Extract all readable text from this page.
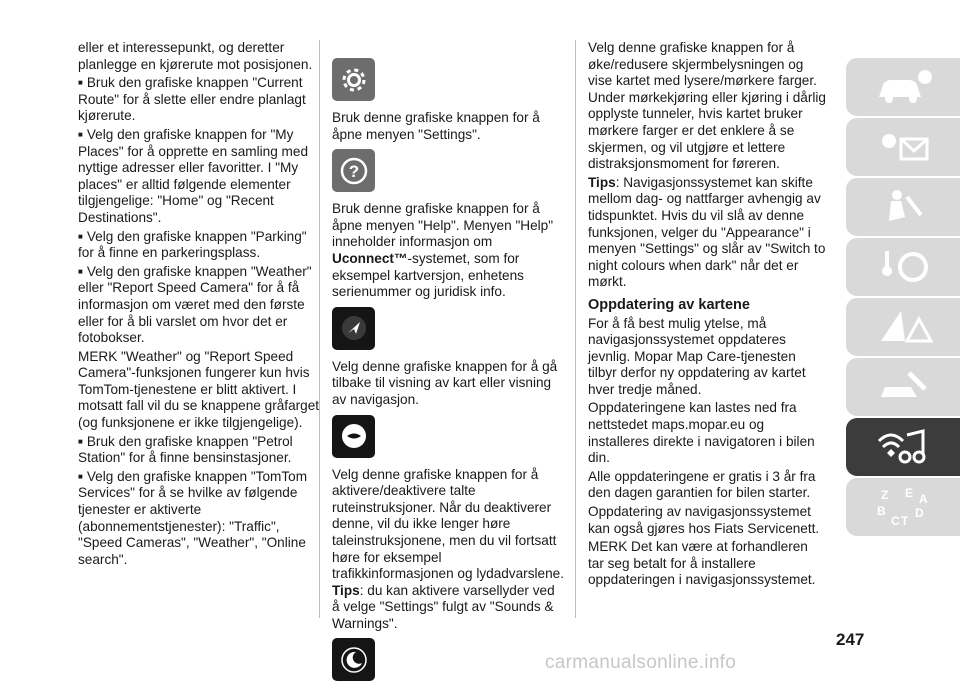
eller et interessepunkt, og deretter planlegge en kjørerute mot posisjonen.

■ Bruk den grafiske knappen "Current Route" for å slette eller endre planlagt kjørerute.

■ Velg den grafiske knappen for "My Places" for å opprette en samling med nyttige adresser eller favoritter. I "My places" er alltid følgende elementer tilgjengelige: "Home" og "Recent Destinations".

■ Velg den grafiske knappen "Parking" for å finne en parkeringsplass.

■ Velg den grafiske knappen "Weather" eller "Report Speed Camera" for å få informasjon om været med den første eller for å bli varslet om hvor det er fotobokser.

MERK "Weather" og "Report Speed Camera"-funksjonen fungerer kun hvis TomTom-tjenestene er blitt aktivert. I motsatt fall vil du se knappene gråfarget (og funksjonene er ikke tilgjengelige).

■ Bruk den grafiske knappen "Petrol Station" for å finne bensinstasjoner.

■ Velg den grafiske knappen "TomTom Services" for å se hvilke av følgende tjenester er aktiverte (abonnementstjenester): "Traffic", "Speed Cameras", "Weather", "Online search".

Bruk denne grafiske knappen for å åpne menyen "Settings".

?

Bruk denne grafiske knappen for å åpne menyen "Help". Menyen "Help" inneholder informasjon om Uconnect™-systemet, som for eksempel kartversjon, enhetens serienummer og juridisk info.

Velg denne grafiske knappen for å gå tilbake til visning av kart eller visning av navigasjon.

Velg denne grafiske knappen for å aktivere/deaktivere talte ruteinstruksjoner. Når du deaktiverer denne, vil du ikke lenger høre taleinstruksjonene, men du vil fortsatt høre for eksempel trafikkinformasjonen og lydadvarslene. Tips: du kan aktivere varsellyder ved å velge "Settings" fulgt av "Sounds & Warnings".

Velg denne grafiske knappen for å øke/redusere skjermbelysningen og vise kartet med lysere/mørkere farger. Under mørkekjøring eller kjøring i dårlig opplyste tunneler, hvis kartet bruker mørkere farger er det enklere å se skjermen, og vil utgjøre et lettere distraksjonsmoment for føreren.

Tips: Navigasjonssystemet kan skifte mellom dag- og nattfarger avhengig av tidspunktet. Hvis du vil slå av denne funksjonen, velger du "Appearance" i menyen "Settings" og slår av "Switch to night colours when dark" når det er mørkt.

Oppdatering av kartene

For å få best mulig ytelse, må navigasjonssystemet oppdateres jevnlig. Mopar Map Care-tjenesten tilbyr derfor ny oppdatering av kartet hver tredje måned.

Oppdateringene kan lastes ned fra nettstedet maps.mopar.eu og installeres direkte i navigatoren i bilen din.

Alle oppdateringene er gratis i 3 år fra den dagen garantien for bilen starter.

Oppdatering av navigasjonssystemet kan også gjøres hos Fiats Servicenett.

MERK Det kan være at forhandleren tar seg betalt for å installere oppdateringen i navigasjonssystemet.

Z E A
B D
C T
247
carmanualsonline.info
